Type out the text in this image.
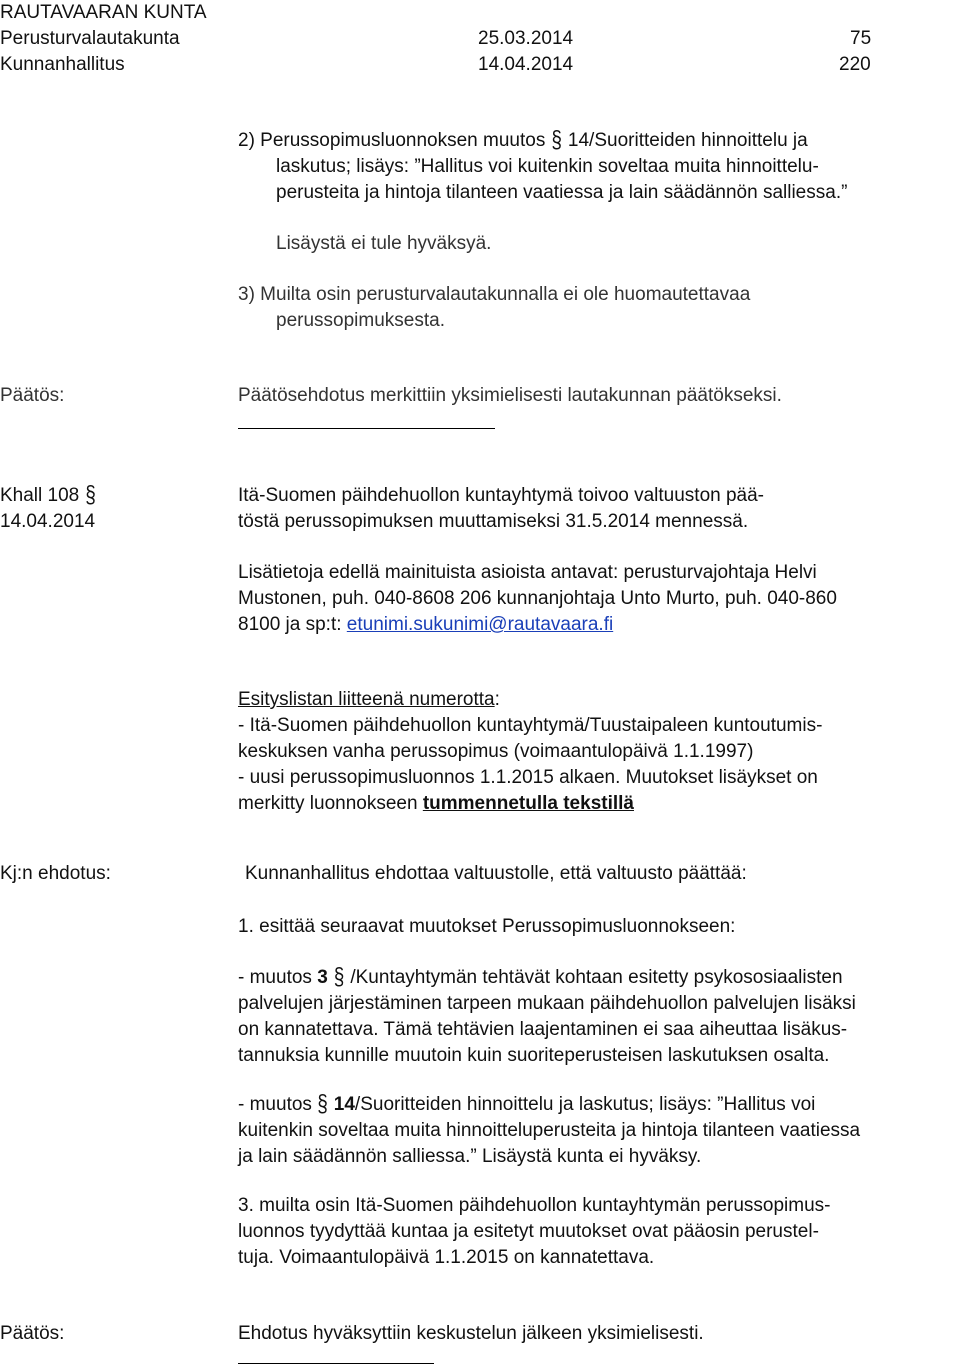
RAUTAVAARAN KUNTA
Perusturvalautakunta	25.03.2014	75
Kunnanhallitus	14.04.2014	220
2) Perussopimusluonnoksen muutos § 14/Suoritteiden hinnoittelu ja
laskutus; lisäys: ”Hallitus voi kuitenkin soveltaa muita hinnoittelu-
perusteita ja hintoja tilanteen vaatiessa ja lain säädännön salliessa.”
Lisäystä ei tule hyväksyä.
3) Muilta osin perusturvalautakunnalla ei ole huomautettavaa
perussopimuksesta.
Päätös:	Päätösehdotus merkittiin yksimielisesti lautakunnan päätökseksi.
Khall 108 §
14.04.2014
Itä-Suomen päihdehuollon kuntayhtymä toivoo valtuuston pää-
töstä perussopimuksen muuttamiseksi 31.5.2014 mennessä.
Lisätietoja edellä mainituista asioista antavat: perusturvajohtaja Helvi
Mustonen, puh. 040-8608 206 kunnanjohtaja Unto Murto, puh. 040-860
8100 ja sp:t: etunimi.sukunimi@rautavaara.fi
Esityslistan liitteenä numerotta:
- Itä-Suomen päihdehuollon kuntayhtymä/Tuustaipaleen kuntoutumis-
keskuksen vanha perussopimus (voimaantulopäivä 1.1.1997)
- uusi perussopimusluonnos 1.1.2015 alkaen. Muutokset lisäykset on
merkitty luonnokseen tummennetulla tekstillä
Kj:n ehdotus:	Kunnanhallitus ehdottaa valtuustolle, että valtuusto päättää:
1. esittää seuraavat muutokset Perussopimusluonnokseen:
- muutos 3 § /Kuntayhtymän tehtävät kohtaan esitetty psykososiaalisten
palvelujen järjestäminen tarpeen mukaan päihdehuollon palvelujen lisäksi
on kannatettava. Tämä tehtävien laajentaminen ei saa aiheuttaa lisäkus-
tannuksia kunnille muutoin kuin suoriteperusteisen laskutuksen osalta.
- muutos § 14/Suoritteiden hinnoittelu ja laskutus; lisäys: ”Hallitus voi
kuitenkin soveltaa muita hinnoitteluperusteita ja hintoja tilanteen vaatiessa
ja lain säädännön salliessa.” Lisäystä kunta ei hyväksy.
3. muilta osin Itä-Suomen päihdehuollon kuntayhtymän perussopimus-
luonnos tyydyttää kuntaa ja esitetyt muutokset ovat pääosin perustel-
tuja. Voimaantulopäivä 1.1.2015 on kannatettava.
Päätös:	Ehdotus hyväksyttiin keskustelun jälkeen yksimielisesti.
